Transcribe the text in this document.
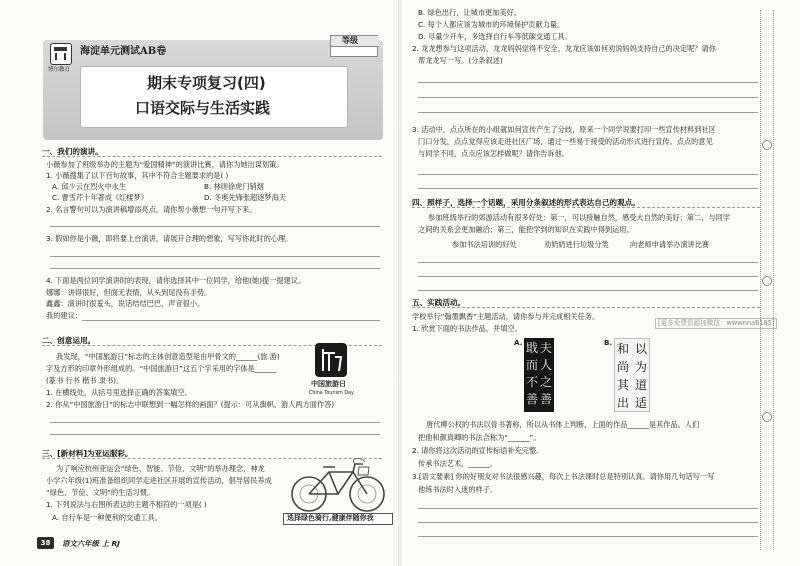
博尔教育
海淀单元测试AB卷
等级
期末专项复习(四)
口语交际与生活实践
一、我们的演讲。
小薇参加了班级举办的主题为“爱国精神”的演讲比赛，请你为她出谋划策。
1. 小薇搜集了以下百句故事，其中不符合主题要求的是( )
A. 邱少云在烈火中永生	B. 林则徐虎门销烟
C. 曹雪芹十年著成《红楼梦》	D. 冬奥先锋张超逐梦海天
2. 名言警句可以为演讲稿增添亮点，请你帮小薇想一句开写下来。
3. 假如你是小薇，即将要上台演讲，请展开合理的想象，写写你此时的心理。
4. 下面是两位同学演讲时的表现，请你选择其中一位同学，给他(她)提一提建议。
娜娜：讲得很好，但面无表情，从头到尾没有手势。
鑫鑫：演讲时很羞头，说话结结巴巴，声音很小。
我的建议：
二、创意运用。
我发现，“中国旅游日”标志的主体创意造型是由甲骨文的______(旅 游)
字及方形的印章外形组成的。“中国旅游日”这五个字采用的字体是______
(篆书 行书 楷书 隶书)。
1. 在横线处，从括号里选择正确的答案填空。
2. 你从“中国旅游日”的标志中联想到一幅怎样的画面？(提示：可从旗帜、游人两方面作答)
中国旅游日
China Tourism Day
三、[新材料]为亚运服彩。
为了响应杭州亚运会“绿色、智能、节俭、文明”的举办理念，神龙
小学六年级(1)班准备组织同学走进社区开展的宣传活动，倡导居民养成
“绿色、节俭、文明”的生活习惯。
1. 下列说法与右图所表达的主题不相符的一项是( )
A. 自行车是一种便利的交通工具。	选择绿色骑行,健康伴随你我
38	语文六年级 上 RJ
B. 绿色出行，让城市更加美好。
C. 每个人都应该为城市的环境保护贡献力量。
D. 尽量少开车，多选择自行车等低碳交通工具。
2. 龙龙想参与这项活动，龙龙妈妈觉得不安全，龙龙应该如何劝说妈妈支持自己的决定呢？请你
帮龙龙写一写。(分条叙述)
3. 活动中，点点所在的小组就如何宣传产生了分歧，原来一个同学说要打印一些宣传材料到社区
门口分发，点点觉得应该走进社区广场，通过一些易于接受的活动形式进行宣传。点点的意见
与同学不同，点点应该怎样做呢？请你告诉他。
四、照样子，选择一个话题，采用分条叙述的形式表达自己的观点。
参加班级举行的郊游活动有很多好处：第一，可以接触自然，感受大自然的美好；第二，与同学
之间的关系会更加融洽；第三，能把学到的知识在实践中得到运用。
参加书法培训的好处	劝奶奶进行垃圾分类	向老师申请举办演讲比赛
五、实践活动。
学校举行“翰墨飘香”主题活动，请你参与并完成相关任务。
1. 欣赏下面的书法作品，并填空。
A. 夫
人
之
善
戢
而
不
善
B. 和 以
尚 为
其 道
出 适
唐代柳公权的书法以骨书著称，所以从书体上判断，上面的作品______是其作品。人们
把他和颜真卿的书法合称为“______”。
2. 请你将这次活动的宣传标语补充完整。
传承书法艺术，______。
3.[语文要素] 你的好朋友对书法很感兴趣，每次上书法课时总是特别认真。请你用几句话写一写
他练书法时入迷的样子。
[更多免费资源加微信：wwwnna6185]
